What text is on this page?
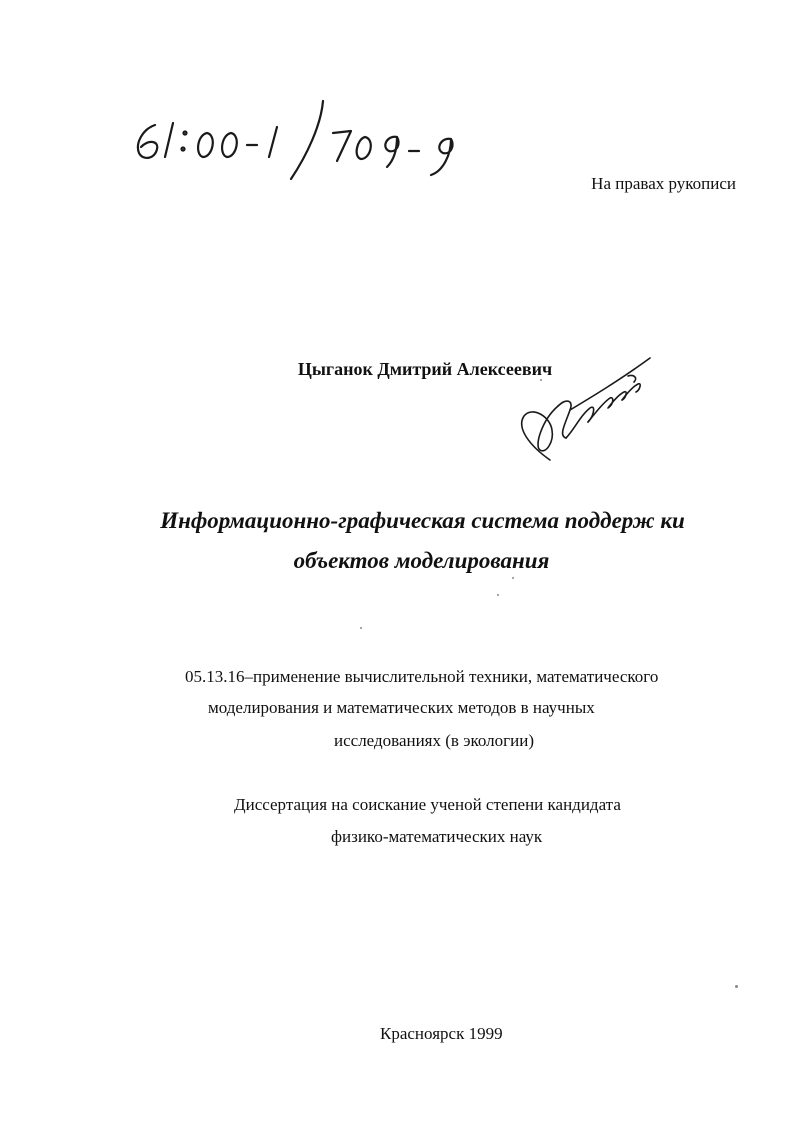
На правах рукописи
Цыганок Дмитрий Алексеевич
Информационно-графическая система поддерж ки
объектов моделирования
05.13.16–применение вычислительной техники, математического
моделирования и математических методов в научных
исследованиях (в экологии)
Диссертация на соискание ученой степени кандидата
физико-математических наук
Красноярск 1999
